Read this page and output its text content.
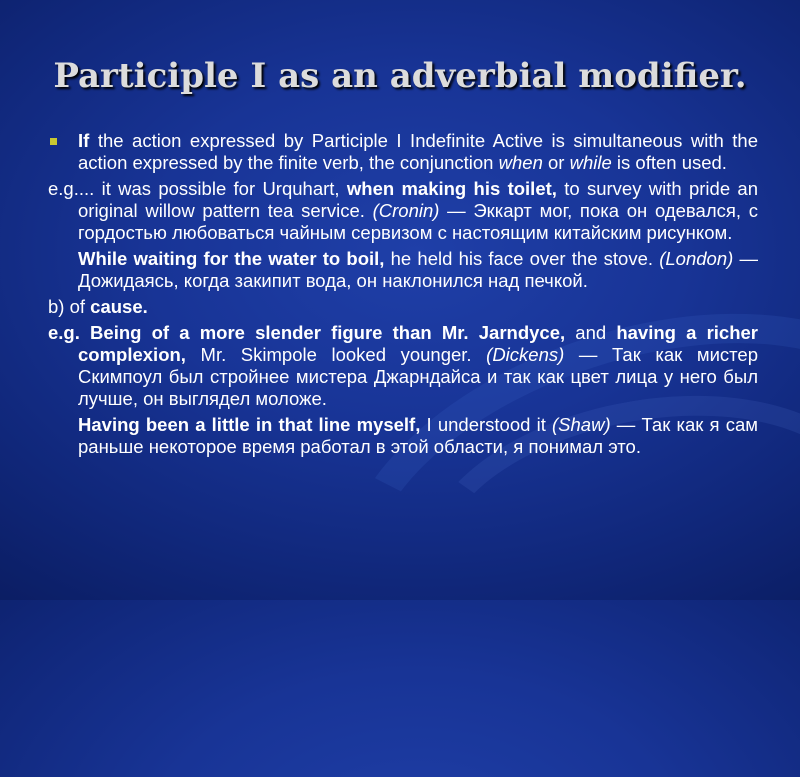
Participle I as an adverbial modifier.

If the action expressed by Participle I Indefinite Active is simultaneous with the action expressed by the finite verb, the conjunction when or while is often used.

e.g.... it was possible for Urquhart, when making his toilet, to survey with pride an original willow pattern tea service. (Cronin) — Эккарт мог, пока он одевался, с гордостью любоваться чайным сервизом с настоящим китайским рисунком.

While waiting for the water to boil, he held his face over the stove. (London) — Дожидаясь, когда закипит вода, он наклонился над печкой.

b) of cause.

e.g. Being of a more slender figure than Mr. Jarndyce, and having a richer complexion, Mr. Skimpole looked younger. (Dickens) — Так как мистер Скимпоул был стройнее мистера Джарндайса и так как цвет лица у него был лучше, он выглядел моложе.

Having been a little in that line myself, I understood it (Shaw) — Так как я сам раньше некоторое время работал в этой области, я понимал это.
